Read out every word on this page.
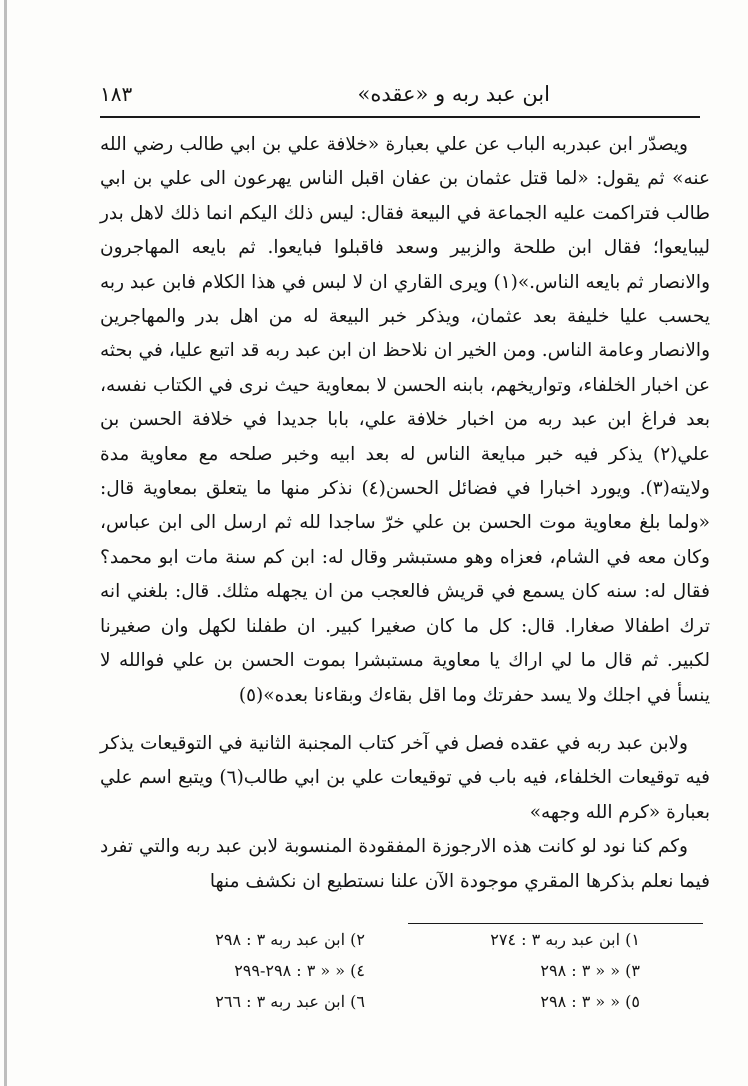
ابن عبد ربه و «عقده»
١٨٣

ويصدّر ابن عبدربه الباب عن علي بعبارة «خلافة علي بن ابي طالب رضي الله عنه» ثم يقول: «لما قتل عثمان بن عفان اقبل الناس يهرعون الى علي بن ابي طالب فتراكمت عليه الجماعة في البيعة فقال: ليس ذلك اليكم انما ذلك لاهل بدر ليبايعوا؛ فقال ابن طلحة والزبير وسعد فاقبلوا فبايعوا. ثم بايعه المهاجرون والانصار ثم بايعه الناس.»(١) ويرى القاري ان لا لبس في هذا الكلام فابن عبد ربه يحسب عليا خليفة بعد عثمان، ويذكر خبر البيعة له من اهل بدر والمهاجرين والانصار وعامة الناس. ومن الخير ان نلاحظ ان ابن عبد ربه قد اتبع عليا، في بحثه عن اخبار الخلفاء، وتواريخهم، بابنه الحسن لا بمعاوية حيث نرى في الكتاب نفسه، بعد فراغ ابن عبد ربه من اخبار خلافة علي، بابا جديدا في خلافة الحسن بن علي(٢) يذكر فيه خبر مبايعة الناس له بعد ابيه وخبر صلحه مع معاوية مدة ولايته(٣). ويورد اخبارا في فضائل الحسن(٤) نذكر منها ما يتعلق بمعاوية قال: «ولما بلغ معاوية موت الحسن بن علي خرّ ساجدا لله ثم ارسل الى ابن عباس، وكان معه في الشام، فعزاه وهو مستبشر وقال له: ابن كم سنة مات ابو محمد؟ فقال له: سنه كان يسمع في قريش فالعجب من ان يجهله مثلك. قال: بلغني انه ترك اطفالا صغارا. قال: كل ما كان صغيرا كبير. ان طفلنا لكهل وان صغيرنا لكبير. ثم قال ما لي اراك يا معاوية مستبشرا بموت الحسن بن علي فوالله لا ينسأ في اجلك ولا يسد حفرتك وما اقل بقاءك وبقاءنا بعده»(٥)

ولابن عبد ربه في عقده فصل في آخر كتاب المجنبة الثانية في التوقيعات يذكر فيه توقيعات الخلفاء، فيه باب في توقيعات علي بن ابي طالب(٦) ويتبع اسم علي بعبارة «كرم الله وجهه»

وكم كنا نود لو كانت هذه الارجوزة المفقودة المنسوبة لابن عبد ربه والتي تفرد فيما نعلم بذكرها المقري موجودة الآن علنا نستطيع ان نكشف منها

١) ابن عبد ربه ٣ : ٢٧٤
٢) ابن عبد ربه ٣ : ٢٩٨
٣) « « ٣ : ٢٩٨
٤) « « ٣ : ٢٩٨-٢٩٩
٥) « « ٣ : ٢٩٨
٦) ابن عبد ربه ٣ : ٢٦٦
